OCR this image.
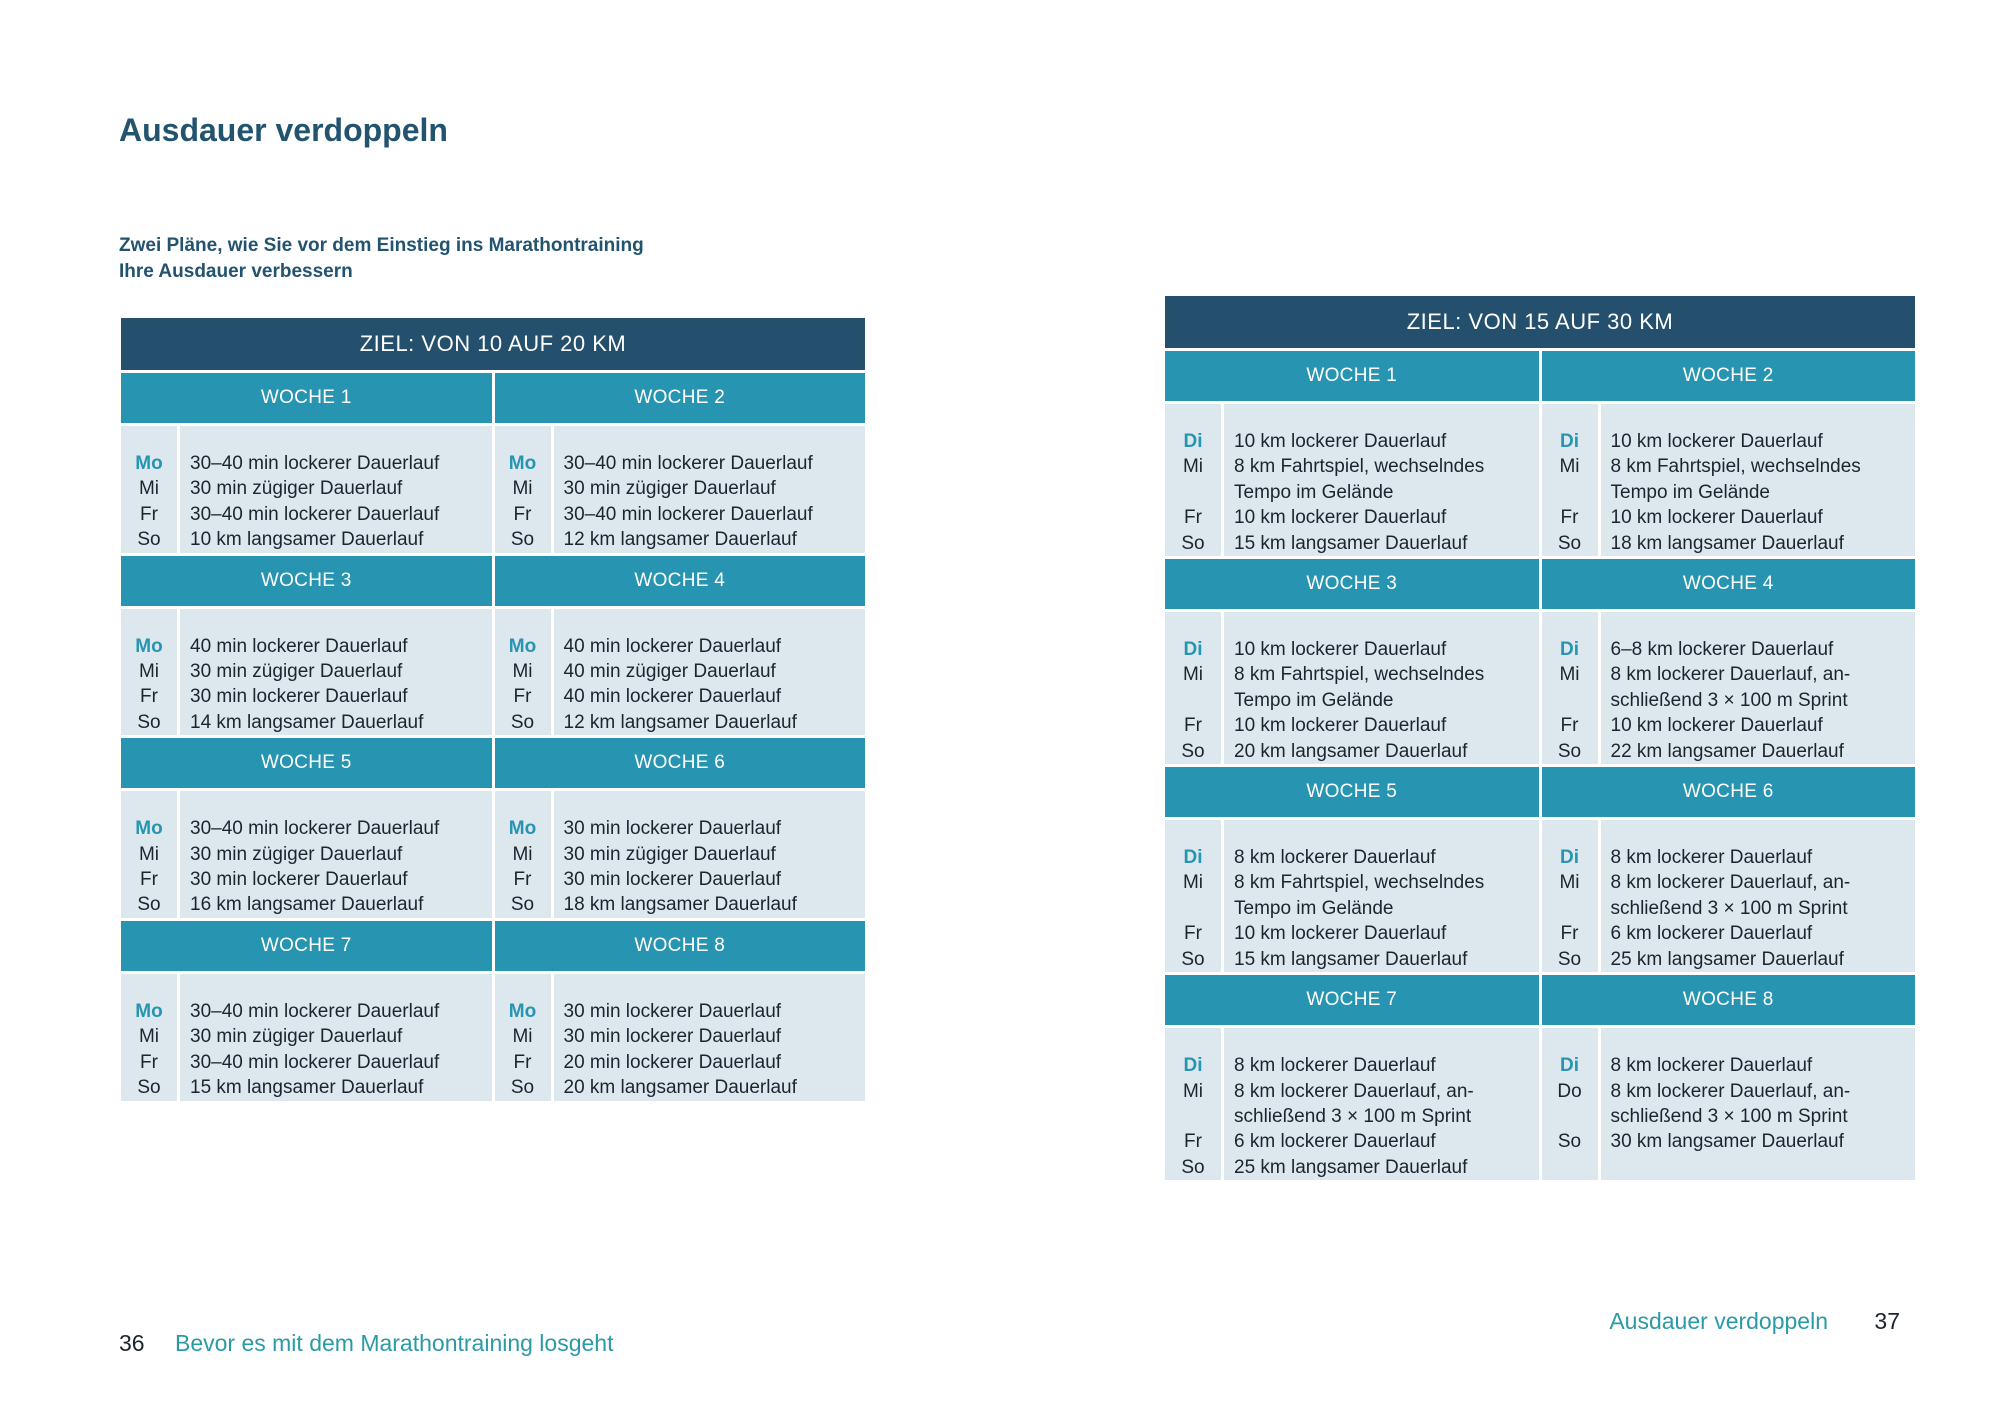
Ausdauer verdoppeln
Zwei Pläne, wie Sie vor dem Einstieg ins Marathontraining
Ihre Ausdauer verbessern
ZIEL: VON 10 AUF 20 KM
WOCHE 1
Mo
Mi
Fr
So
30–40 min lockerer Dauerlauf
30 min zügiger Dauerlauf
30–40 min lockerer Dauerlauf
10 km langsamer Dauerlauf
WOCHE 2
Mo
Mi
Fr
So
30–40 min lockerer Dauerlauf
30 min zügiger Dauerlauf
30–40 min lockerer Dauerlauf
12 km langsamer Dauerlauf
WOCHE 3
Mo
Mi
Fr
So
40 min lockerer Dauerlauf
30 min zügiger Dauerlauf
30 min lockerer Dauerlauf
14 km langsamer Dauerlauf
WOCHE 4
Mo
Mi
Fr
So
40 min lockerer Dauerlauf
40 min zügiger Dauerlauf
40 min lockerer Dauerlauf
12 km langsamer Dauerlauf
WOCHE 5
Mo
Mi
Fr
So
30–40 min lockerer Dauerlauf
30 min zügiger Dauerlauf
30 min lockerer Dauerlauf
16 km langsamer Dauerlauf
WOCHE 6
Mo
Mi
Fr
So
30 min lockerer Dauerlauf
30 min zügiger Dauerlauf
30 min lockerer Dauerlauf
18 km langsamer Dauerlauf
WOCHE 7
Mo
Mi
Fr
So
30–40 min lockerer Dauerlauf
30 min zügiger Dauerlauf
30–40 min lockerer Dauerlauf
15 km langsamer Dauerlauf
WOCHE 8
Mo
Mi
Fr
So
30 min lockerer Dauerlauf
30 min lockerer Dauerlauf
20 min lockerer Dauerlauf
20 km langsamer Dauerlauf
ZIEL: VON 15 AUF 30 KM
WOCHE 1
Di
Mi

Fr
So
10 km lockerer Dauerlauf
8 km Fahrtspiel, wechselndes
Tempo im Gelände
10 km lockerer Dauerlauf
15 km langsamer Dauerlauf
WOCHE 2
Di
Mi

Fr
So
10 km lockerer Dauerlauf
8 km Fahrtspiel, wechselndes
Tempo im Gelände
10 km lockerer Dauerlauf
18 km langsamer Dauerlauf
WOCHE 3
Di
Mi

Fr
So
10 km lockerer Dauerlauf
8 km Fahrtspiel, wechselndes
Tempo im Gelände
10 km lockerer Dauerlauf
20 km langsamer Dauerlauf
WOCHE 4
Di
Mi

Fr
So
6–8 km lockerer Dauerlauf
8 km lockerer Dauerlauf, an-
schließend 3 × 100 m Sprint
10 km lockerer Dauerlauf
22 km langsamer Dauerlauf
WOCHE 5
Di
Mi

Fr
So
8 km lockerer Dauerlauf
8 km Fahrtspiel, wechselndes
Tempo im Gelände
10 km lockerer Dauerlauf
15 km langsamer Dauerlauf
WOCHE 6
Di
Mi

Fr
So
8 km lockerer Dauerlauf
8 km lockerer Dauerlauf, an-
schließend 3 × 100 m Sprint
6 km lockerer Dauerlauf
25 km langsamer Dauerlauf
WOCHE 7
Di
Mi

Fr
So
8 km lockerer Dauerlauf
8 km lockerer Dauerlauf, an-
schließend 3 × 100 m Sprint
6 km lockerer Dauerlauf
25 km langsamer Dauerlauf
WOCHE 8
Di
Do

So
8 km lockerer Dauerlauf
8 km lockerer Dauerlauf, an-
schließend 3 × 100 m Sprint
30 km langsamer Dauerlauf
36 Bevor es mit dem Marathontraining losgeht
Ausdauer verdoppeln 37
